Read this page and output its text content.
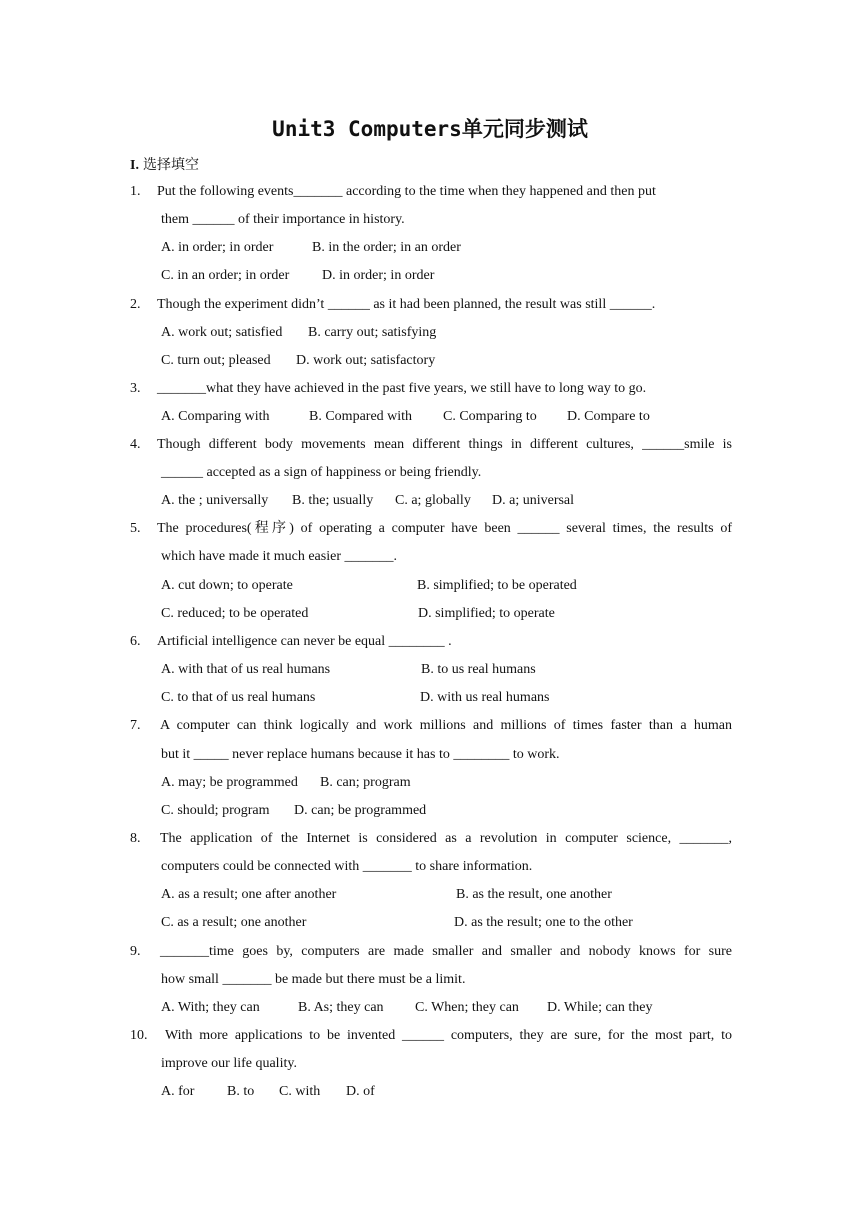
Unit3 Computers单元同步测试
I. 选择填空
1. Put the following events_______ according to the time when they happened and then put
them ______ of their importance in history.
A. in order; in order	B. in the order; in an order
C. in an order; in order D. in order; in order
2. Though the experiment didn’t ______ as it had been planned, the result was still ______.
A. work out; satisfied B. carry out; satisfying
C. turn out; pleased D. work out; satisfactory
3. _______what they have achieved in the past five years, we still have to long way to go.
A. Comparing with	B. Compared with C. Comparing to D. Compare to
4. Though different body movements mean different things in different cultures, ______smile is
______ accepted as a sign of happiness or being friendly.
A. the ; universally B. the; usually C. a; globally D. a; universal
5. The procedures(程序) of operating a computer have been ______ several times, the results of
which have made it much easier _______.
A. cut down; to operate	B. simplified; to be operated
C. reduced; to be operated	D. simplified; to operate
6. Artificial intelligence can never be equal ________ .
A. with that of us real humans	B. to us real humans
C. to that of us real humans	D. with us real humans
7. A computer can think logically and work millions and millions of times faster than a human
but it _____ never replace humans because it has to ________ to work.
A. may; be programmed B. can; program
C. should; program D. can; be programmed
8. The application of the Internet is considered as a revolution in computer science, _______,
computers could be connected with _______ to share information.
A. as a result; one after another	B. as the result, one another
C. as a result; one another	D. as the result; one to the other
9. _______time goes by, computers are made smaller and smaller and nobody knows for sure
how small _______ be made but there must be a limit.
A. With; they can	B. As; they can C. When; they can D. While; can they
10. With more applications to be invented ______ computers, they are sure, for the most part, to
improve our life quality.
A. for B. to C. with D. of
